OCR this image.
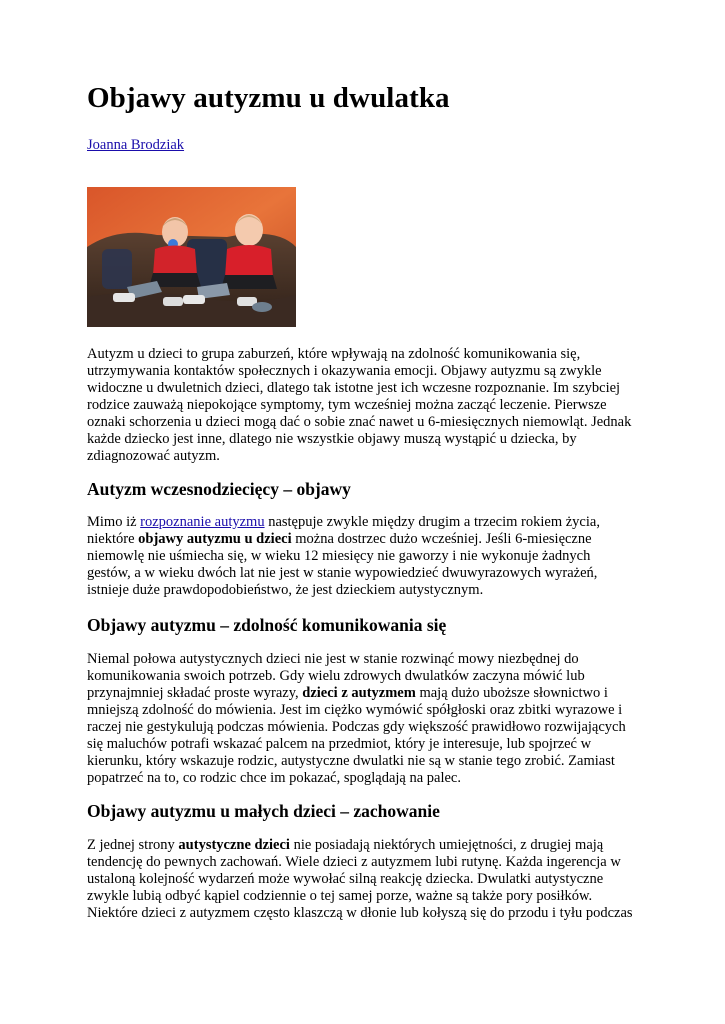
Objawy autyzmu u dwulatka
Joanna Brodziak

Autyzm u dzieci to grupa zaburzeń, które wpływają na zdolność komunikowania się,
utrzymywania kontaktów społecznych i okazywania emocji. Objawy autyzmu są zwykle
widoczne u dwuletnich dzieci, dlatego tak istotne jest ich wczesne rozpoznanie. Im szybciej
rodzice zauważą niepokojące symptomy, tym wcześniej można zacząć leczenie. Pierwsze
oznaki schorzenia u dzieci mogą dać o sobie znać nawet u 6-miesięcznych niemowląt. Jednak
każde dziecko jest inne, dlatego nie wszystkie objawy muszą wystąpić u dziecka, by
zdiagnozować autyzm.

Autyzm wczesnodziecięcy – objawy

Mimo iż rozpoznanie autyzmu następuje zwykle między drugim a trzecim rokiem życia,
niektóre objawy autyzmu u dzieci można dostrzec dużo wcześniej. Jeśli 6-miesięczne
niemowlę nie uśmiecha się, w wieku 12 miesięcy nie gaworzy i nie wykonuje żadnych
gestów, a w wieku dwóch lat nie jest w stanie wypowiedzieć dwuwyrazowych wyrażeń,
istnieje duże prawdopodobieństwo, że jest dzieckiem autystycznym.

Objawy autyzmu – zdolność komunikowania się

Niemal połowa autystycznych dzieci nie jest w stanie rozwinąć mowy niezbędnej do
komunikowania swoich potrzeb. Gdy wielu zdrowych dwulatków zaczyna mówić lub
przynajmniej składać proste wyrazy, dzieci z autyzmem mają dużo uboższe słownictwo i
mniejszą zdolność do mówienia. Jest im ciężko wymówić spółgłoski oraz zbitki wyrazowe i
raczej nie gestykulują podczas mówienia. Podczas gdy większość prawidłowo rozwijających
się maluchów potrafi wskazać palcem na przedmiot, który je interesuje, lub spojrzeć w
kierunku, który wskazuje rodzic, autystyczne dwulatki nie są w stanie tego zrobić. Zamiast
popatrzeć na to, co rodzic chce im pokazać, spoglądają na palec.

Objawy autyzmu u małych dzieci – zachowanie

Z jednej strony autystyczne dzieci nie posiadają niektórych umiejętności, z drugiej mają
tendencję do pewnych zachowań. Wiele dzieci z autyzmem lubi rutynę. Każda ingerencja w
ustaloną kolejność wydarzeń może wywołać silną reakcję dziecka. Dwulatki autystyczne
zwykle lubią odbyć kąpiel codziennie o tej samej porze, ważne są także pory posiłków.
Niektóre dzieci z autyzmem często klaszczą w dłonie lub kołyszą się do przodu i tyłu podczas
